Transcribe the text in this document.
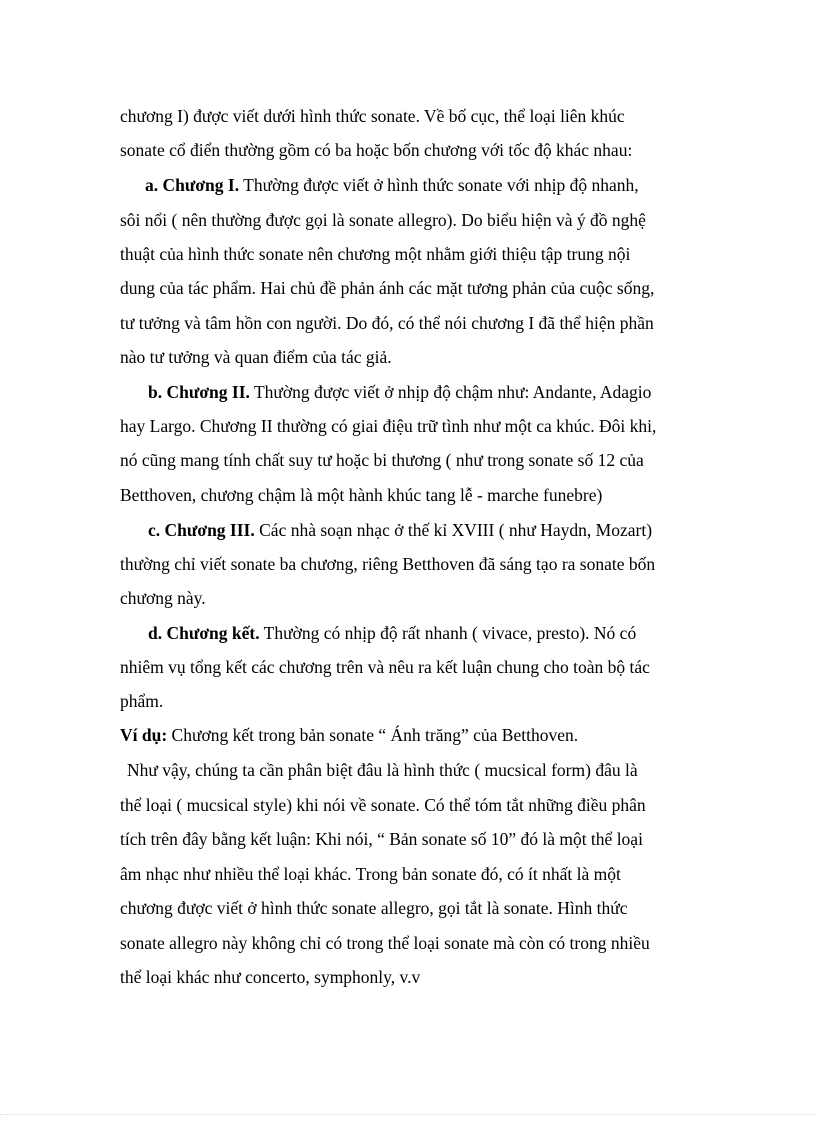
chương I) được viết dưới hình thức sonate. Về bố cục, thể loại liên khúc
sonate cổ điển thường gồm có ba hoặc bốn chương với tốc độ khác nhau:
a. Chương I. Thường được viết ở hình thức sonate với nhịp độ nhanh,
sôi nổi ( nên thường được gọi là sonate allegro). Do biểu hiện và ý đồ nghệ
thuật của hình thức sonate nên chương một nhằm giới thiệu tập trung nội
dung của tác phẩm. Hai chủ đề phản ánh các mặt tương phản của cuộc sống,
tư tưởng và tâm hồn con người. Do đó, có thể nói chương I đã thể hiện phần
nào tư tưởng và quan điểm của tác giả.
b. Chương II. Thường được viết ở nhịp độ chậm như: Andante, Adagio
hay Largo. Chương II thường có giai điệu trữ tình như một ca khúc. Đôi khi,
nó cũng mang tính chất suy tư hoặc bi thương ( như trong sonate số 12 của
Betthoven, chương chậm là một hành khúc tang lễ - marche funebre)
c. Chương III. Các nhà soạn nhạc ở thế kỉ XVIII ( như Haydn, Mozart)
thường chỉ viết sonate ba chương, riêng Betthoven đã sáng tạo ra sonate bốn
chương này.
d. Chương kết. Thường có nhịp độ rất nhanh ( vivace, presto). Nó có
nhiêm vụ tổng kết các chương trên và nêu ra kết luận chung cho toàn bộ tác
phẩm.
Ví dụ: Chương kết trong bản sonate “ Ánh trăng” của Betthoven.
Như vậy, chúng ta cần phân biệt đâu là hình thức ( mucsical form) đâu là
thể loại ( mucsical style) khi nói về sonate. Có thể tóm tắt những điều phân
tích trên đây bằng kết luận: Khi nói, “ Bản sonate số 10” đó là một thể loại
âm nhạc như nhiều thể loại khác. Trong bản sonate đó, có ít nhất là một
chương được viết ở hình thức sonate allegro, gọi tắt là sonate. Hình thức
sonate allegro này không chỉ có trong thể loại sonate mà còn có trong nhiều
thể loại khác như concerto, symphonly, v.v
